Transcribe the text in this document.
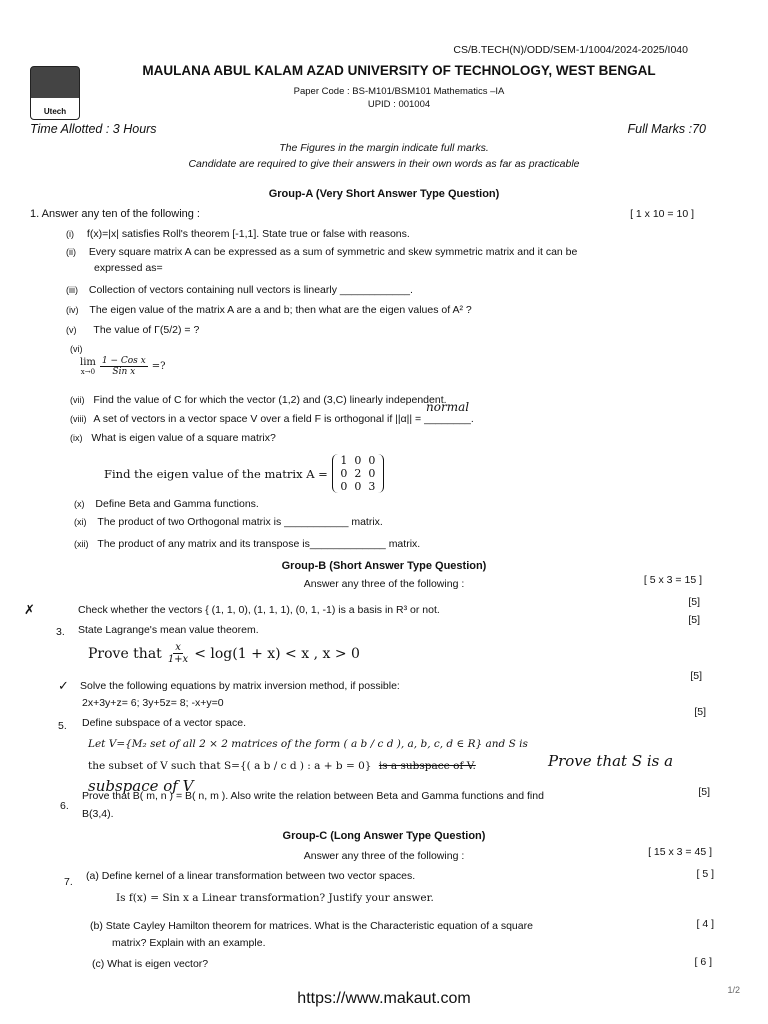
CS/B.TECH(N)/ODD/SEM-1/1004/2024-2025/I040
Utech
MAULANA ABUL KALAM AZAD UNIVERSITY OF TECHNOLOGY, WEST BENGAL
Paper Code : BS-M101/BSM101 Mathematics –IA
UPID : 001004
Time Allotted : 3 Hours	Full Marks :70
The Figures in the margin indicate full marks.
Candidate are required to give their answers in their own words as far as practicable
Group-A (Very Short Answer Type Question)
1. Answer any ten of the following :	[ 1 x 10 = 10 ]
(i) f(x)=|x| satisfies Roll's theorem [-1,1]. State true or false with reasons.
(ii) Every square matrix A can be expressed as a sum of symmetric and skew symmetric matrix and it can be
expressed as=
(iii) Collection of vectors containing null vectors is linearly ____________.
(iv) The eigen value of the matrix A are a and b; then what are the eigen values of A² ?
(v) The value of Γ(5/2) = ?
(vi)
lim
$x\to 0 \frac{\text{1 − Cos x}}{\text{Sin x}}$ =?
(vii) Find the value of C for which the vector (1,2) and (3,C) linearly independent.
normal
(viii) A set of vectors in a vector space V over a field F is orthogonal if ||α|| = ________.
(ix) What is eigen value of a square matrix?
Find the eigen value of the matrix A =
1 0 0
0 2 0
0 0 3
(x) Define Beta and Gamma functions.
(xi) The product of two Orthogonal matrix is ___________ matrix.
(xii) The product of any matrix and its transpose is_____________ matrix.
Group-B (Short Answer Type Question)
Answer any three of the following :	[ 5 x 3 = 15 ]
✗	Check whether the vectors { (1, 1, 0), (1, 1, 1), (0, 1, -1) is a basis in R³ or not.
[5]
3. State Lagrange's mean value theorem.
[5]
Prove that $\frac{x}{1+x} < \log(1 + x) < x$ , x > 0
✓ Solve the following equations by matrix inversion method, if possible:
2x+3y+z= 6; 3y+5z= 8; -x+y=0
[5]
5. Define subspace of a vector space.
[5]
Let V={M₂ set of all 2 × 2 matrices of the form ( a b / c d ), a, b, c, d ∈ R} and S is
the subset of V such that S={( a b / c d ) : a + b = 0} is a subspace of V.	Prove that S is a
subspace of V
6.
Prove that B( m, n ) = B( n, m ). Also write the relation between Beta and Gamma functions and find
B(3,4).
[5]
Group-C (Long Answer Type Question)
Answer any three of the following :	[ 15 x 3 = 45 ]
7. (a) Define kernel of a linear transformation between two vector spaces.	[ 5 ]
Is f(x) = Sin x a Linear transformation? Justify your answer.
(b) State Cayley Hamilton theorem for matrices. What is the Characteristic equation of a square	[ 4 ]
matrix? Explain with an example.
(c) What is eigen vector?	[ 6 ]
https://www.makaut.com	1/2
